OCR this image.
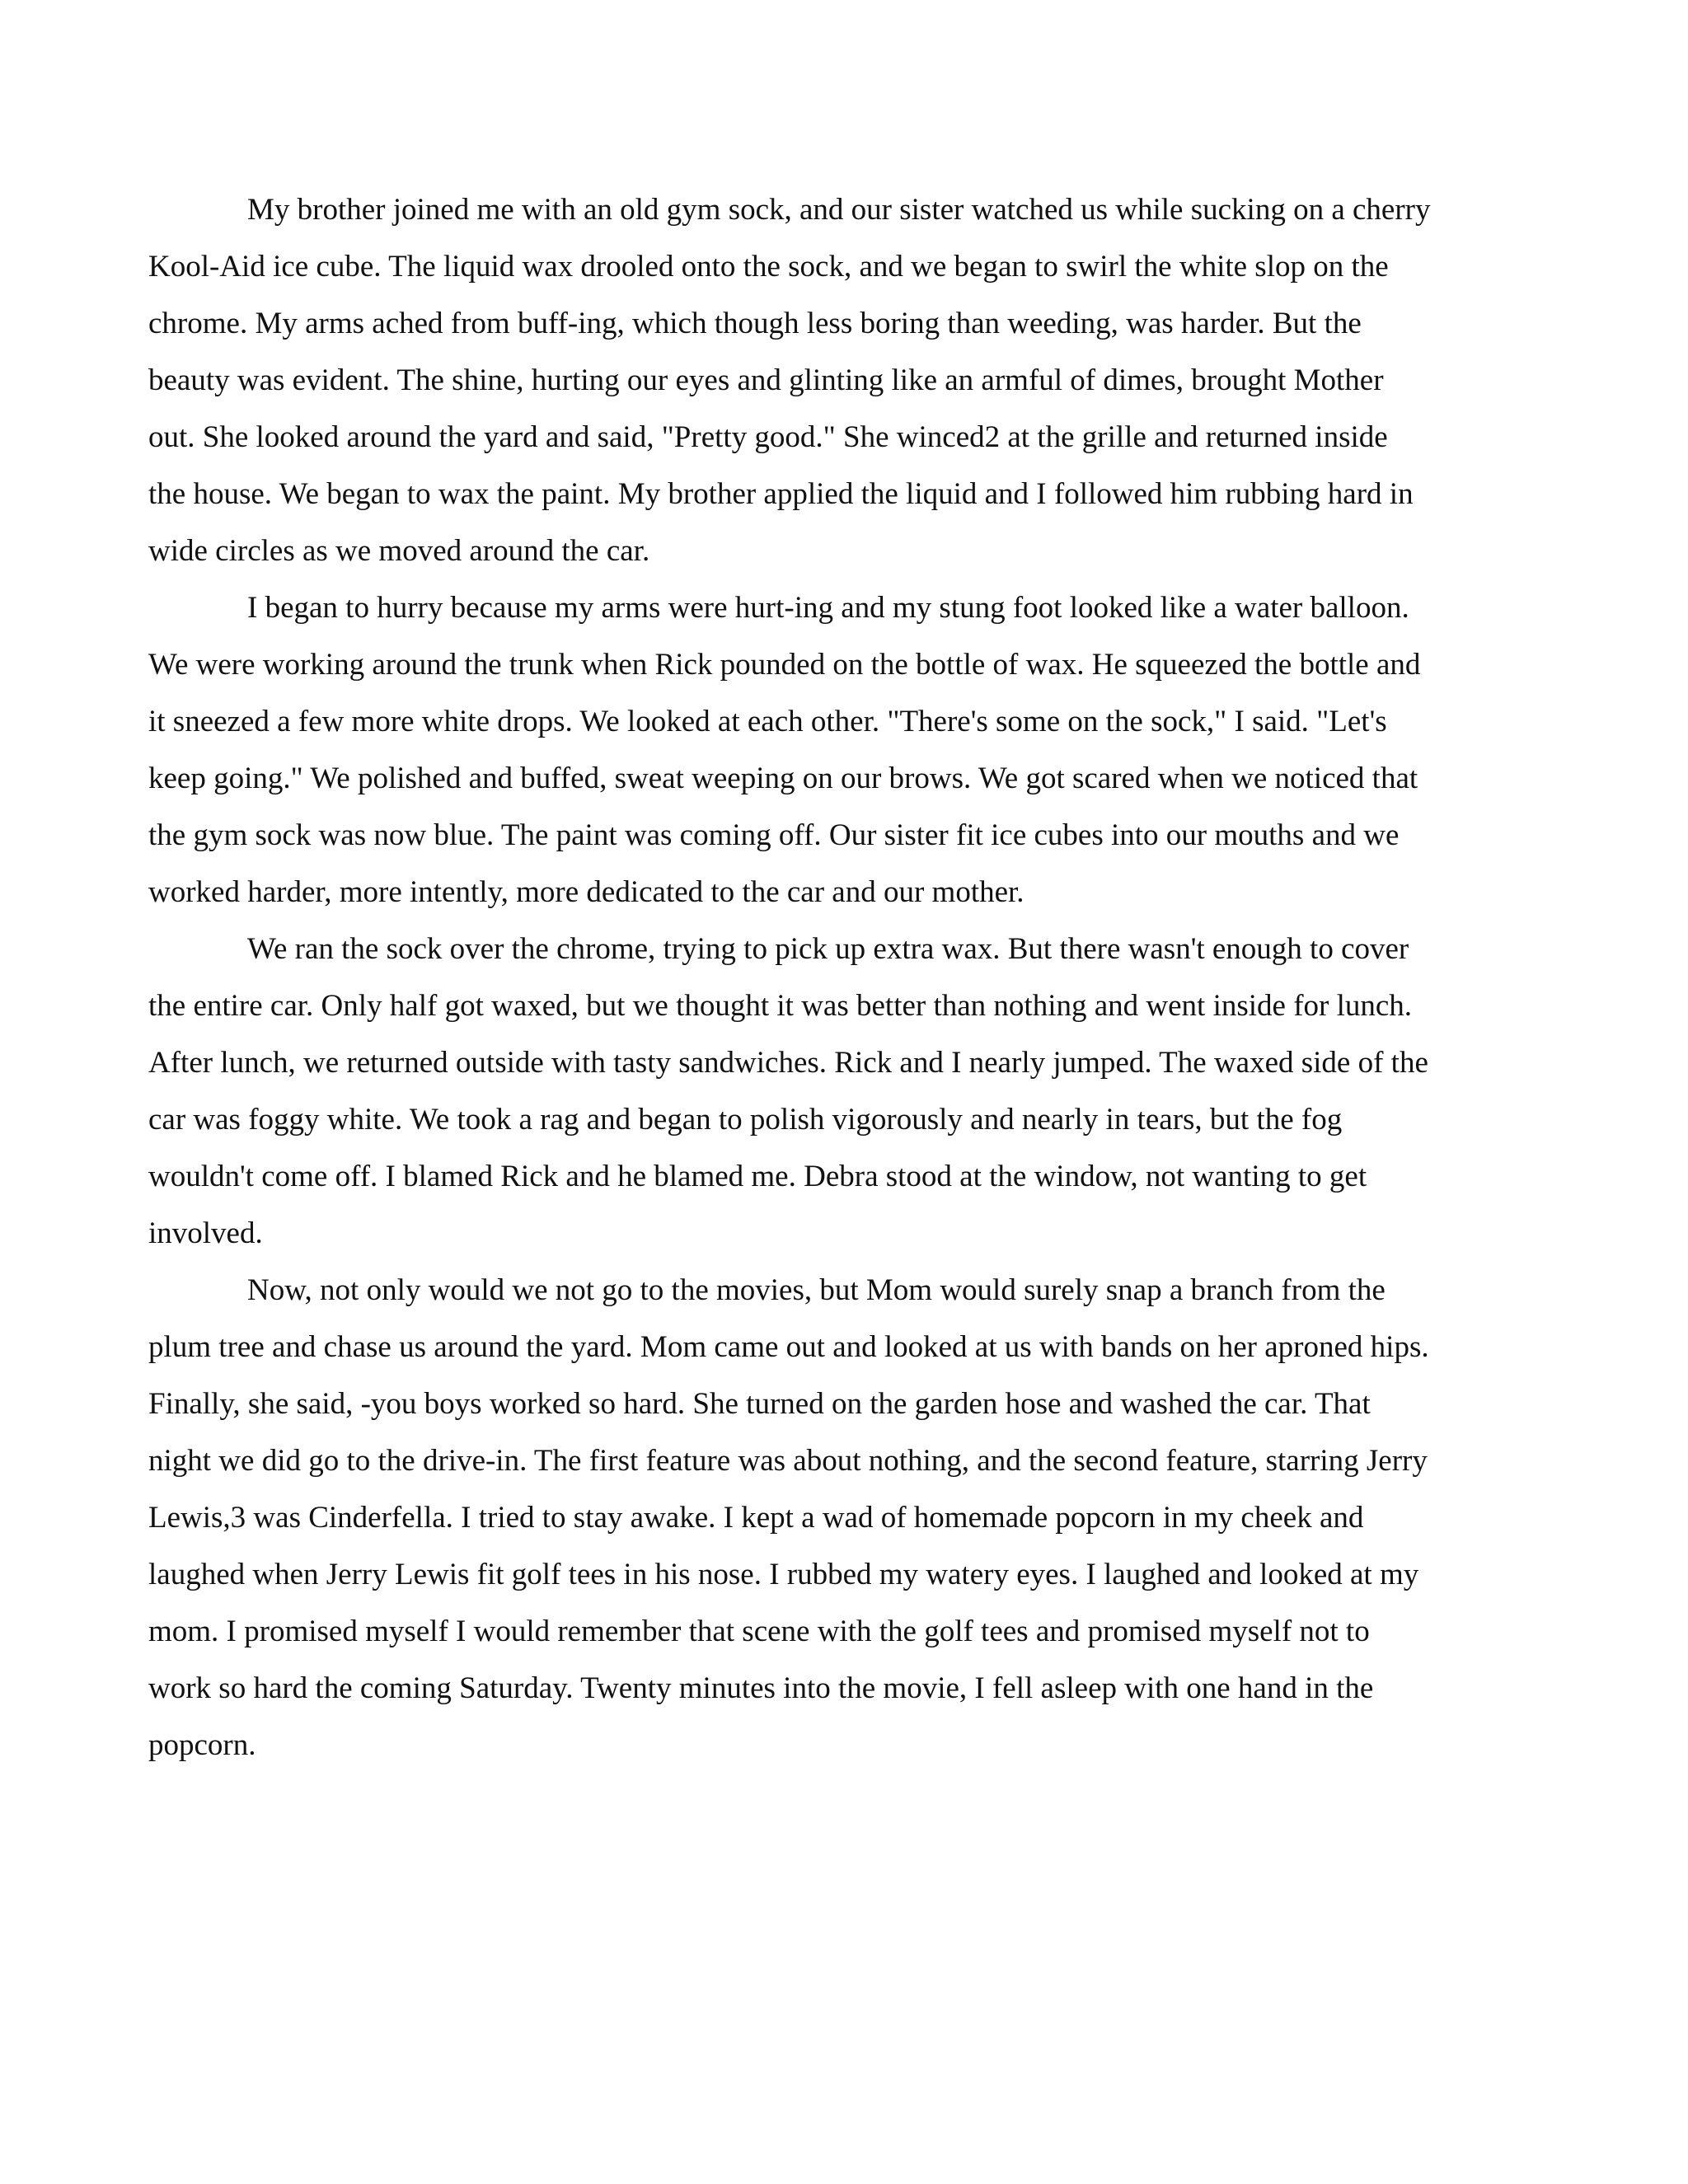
My brother joined me with an old gym sock, and our sister watched us while sucking on a cherry
Kool-Aid ice cube. The liquid wax drooled onto the sock, and we began to swirl the white slop on the
chrome. My arms ached from buff-ing, which though less boring than weeding, was harder. But the
beauty was evident. The shine, hurting our eyes and glinting like an armful of dimes, brought Mother
out. She looked around the yard and said, "Pretty good." She winced2 at the grille and returned inside
the house. We began to wax the paint. My brother applied the liquid and I followed him rubbing hard in
wide circles as we moved around the car.
I began to hurry because my arms were hurt-ing and my stung foot looked like a water balloon.
We were working around the trunk when Rick pounded on the bottle of wax. He squeezed the bottle and
it sneezed a few more white drops. We looked at each other. "There's some on the sock," I said. "Let's
keep going." We polished and buffed, sweat weeping on our brows. We got scared when we noticed that
the gym sock was now blue. The paint was coming off. Our sister fit ice cubes into our mouths and we
worked harder, more intently, more dedicated to the car and our mother.
We ran the sock over the chrome, trying to pick up extra wax. But there wasn't enough to cover
the entire car. Only half got waxed, but we thought it was better than nothing and went inside for lunch.
After lunch, we returned outside with tasty sandwiches. Rick and I nearly jumped. The waxed side of the
car was foggy white. We took a rag and began to polish vigorously and nearly in tears, but the fog
wouldn't come off. I blamed Rick and he blamed me. Debra stood at the window, not wanting to get
involved.
Now, not only would we not go to the movies, but Mom would surely snap a branch from the
plum tree and chase us around the yard. Mom came out and looked at us with bands on her aproned hips.
Finally, she said, -you boys worked so hard. She turned on the garden hose and washed the car. That
night we did go to the drive-in. The first feature was about nothing, and the second feature, starring Jerry
Lewis,3 was Cinderfella. I tried to stay awake. I kept a wad of homemade popcorn in my cheek and
laughed when Jerry Lewis fit golf tees in his nose. I rubbed my watery eyes. I laughed and looked at my
mom. I promised myself I would remember that scene with the golf tees and promised myself not to
work so hard the coming Saturday. Twenty minutes into the movie, I fell asleep with one hand in the
popcorn.
